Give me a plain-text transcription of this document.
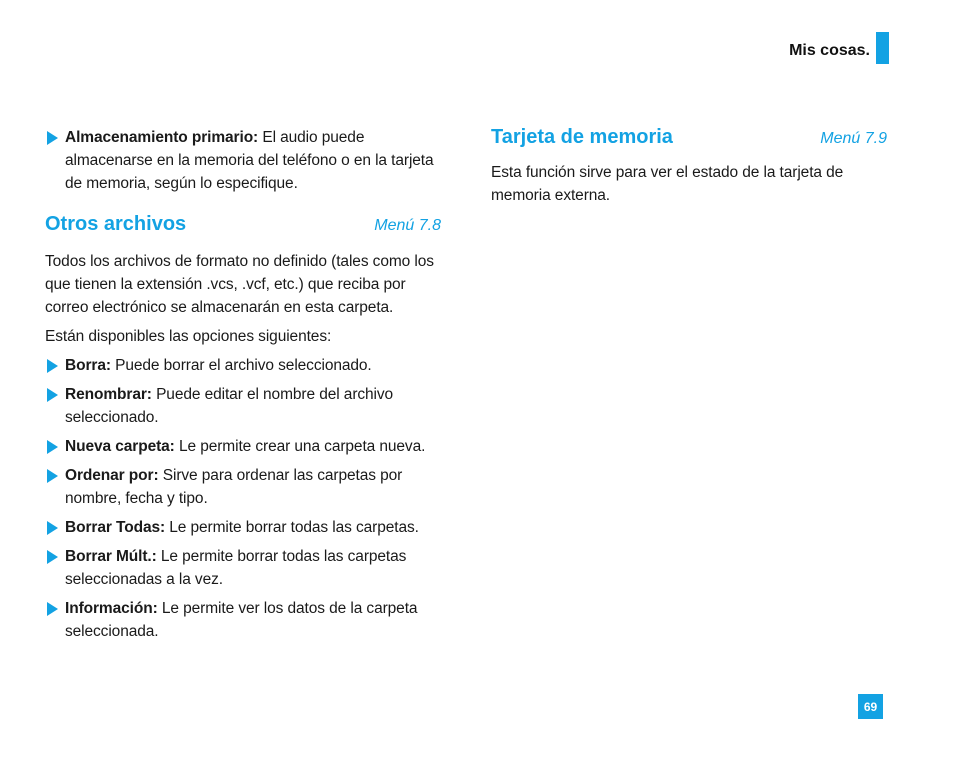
Mis cosas.
Almacenamiento primario: El audio puede almacenarse en la memoria del teléfono o en la tarjeta de memoria, según lo especifique.
Otros archivos	Menú 7.8

Todos los archivos de formato no definido (tales como los que tienen la extensión .vcs, .vcf, etc.) que reciba por correo electrónico se almacenarán en esta carpeta.

Están disponibles las opciones siguientes:

Borra: Puede borrar el archivo seleccionado.
Renombrar: Puede editar el nombre del archivo seleccionado.
Nueva carpeta: Le permite crear una carpeta nueva.
Ordenar por: Sirve para ordenar las carpetas por nombre, fecha y tipo.
Borrar Todas: Le permite borrar todas las carpetas.
Borrar Múlt.: Le permite borrar todas las carpetas seleccionadas a la vez.
Información: Le permite ver los datos de la carpeta seleccionada.
Tarjeta de memoria	Menú 7.9

Esta función sirve para ver el estado de la tarjeta de memoria externa.

69
